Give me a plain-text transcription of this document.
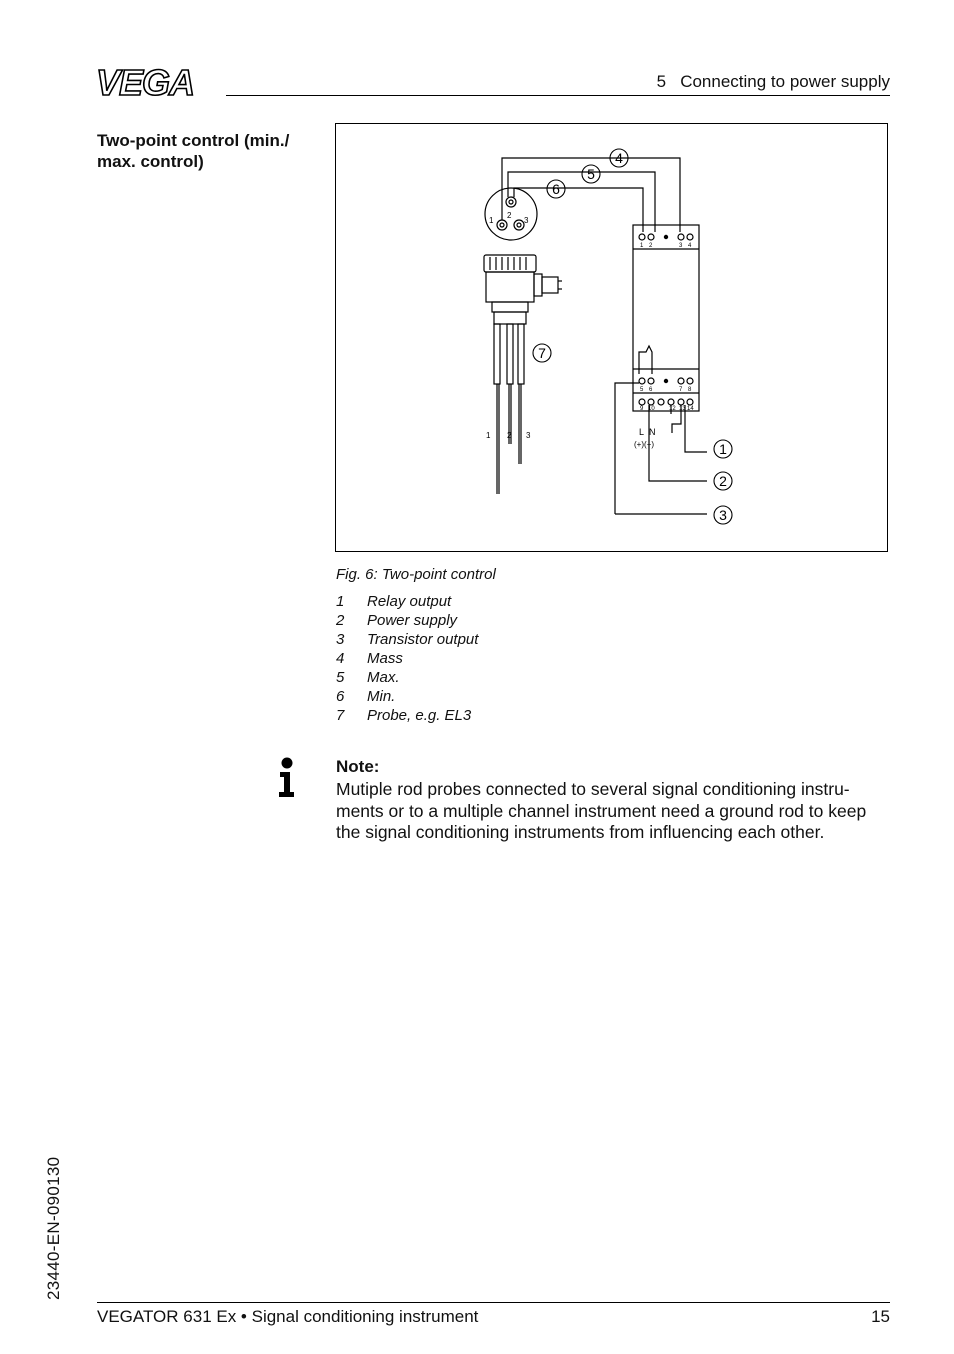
VEGA	5   Connecting to power supply
Two-point control (min./ max. control)
1
2
3
1 2 3
1 2	3 4
5 6	7 8
9 10 12 13 14
L N
(+)(−)
4
5
6
7
1
2
3
Fig. 6: Two-point control
1	Relay output
2	Power supply
3	Transistor output
4	Mass
5	Max.
6	Min.
7	Probe, e.g. EL3
Note:
Mutiple rod probes connected to several signal conditioning instru- ments or to a multiple channel instrument need a ground rod to keep the signal conditioning instruments from influencing each other.
23440-EN-090130
VEGATOR 631 Ex • Signal conditioning instrument	15
